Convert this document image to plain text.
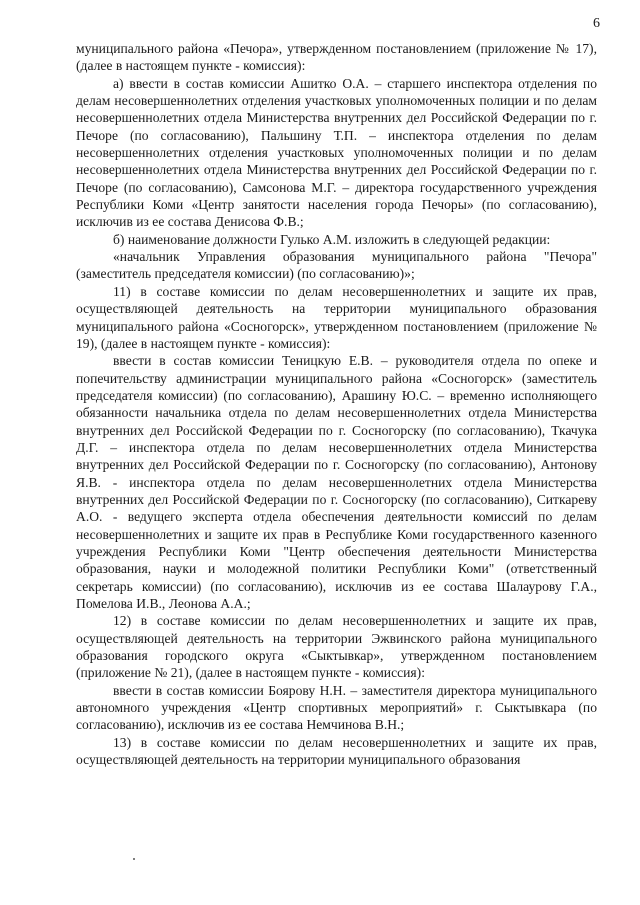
6

муниципального района «Печора», утвержденном постановлением (приложение № 17), (далее в настоящем пункте - комиссия):

а) ввести в состав комиссии Ашитко О.А. – старшего инспектора отделения по делам несовершеннолетних отделения участковых уполномоченных полиции и по делам несовершеннолетних отдела Министерства внутренних дел Российской Федерации по г. Печоре (по согласованию), Пальшину Т.П. – инспектора отделения по делам несовершеннолетних отделения участковых уполномоченных полиции и по делам несовершеннолетних отдела Министерства внутренних дел Российской Федерации по г. Печоре (по согласованию), Самсонова М.Г. – директора государственного учреждения Республики Коми «Центр занятости населения города Печоры» (по согласованию), исключив из ее состава Денисова Ф.В.;

б) наименование должности Гулько А.М. изложить в следующей редакции:

«начальник Управления образования муниципального района "Печора" (заместитель председателя комиссии) (по согласованию)»;

11) в составе комиссии по делам несовершеннолетних и защите их прав, осуществляющей деятельность на территории муниципального образования муниципального района «Сосногорск», утвержденном постановлением (приложение № 19), (далее в настоящем пункте - комиссия):

ввести в состав комиссии Теницкую Е.В. – руководителя отдела по опеке и попечительству администрации муниципального района «Сосногорск» (заместитель председателя комиссии) (по согласованию), Арашину Ю.С. – временно исполняющего обязанности начальника отдела по делам несовершеннолетних отдела Министерства внутренних дел Российской Федерации по г. Сосногорску (по согласованию), Ткачука Д.Г. – инспектора отдела по делам несовершеннолетних отдела Министерства внутренних дел Российской Федерации по г. Сосногорску (по согласованию), Антонову Я.В. - инспектора отдела по делам несовершеннолетних отдела Министерства внутренних дел Российской Федерации по г. Сосногорску (по согласованию), Ситкареву А.О. - ведущего эксперта отдела обеспечения деятельности комиссий по делам несовершеннолетних и защите их прав в Республике Коми государственного казенного учреждения Республики Коми "Центр обеспечения деятельности Министерства образования, науки и молодежной политики Республики Коми" (ответственный секретарь комиссии) (по согласованию), исключив из ее состава Шалаурову Г.А., Помелова И.В., Леонова А.А.;

12) в составе комиссии по делам несовершеннолетних и защите их прав, осуществляющей деятельность на территории Эжвинского района муниципального образования городского округа «Сыктывкар», утвержденном постановлением (приложение № 21), (далее в настоящем пункте - комиссия):

ввести в состав комиссии Боярову Н.Н. – заместителя директора муниципального автономного учреждения «Центр спортивных мероприятий» г. Сыктывкара (по согласованию), исключив из ее состава Немчинова В.Н.;

13) в составе комиссии по делам несовершеннолетних и защите их прав, осуществляющей деятельность на территории муниципального образования
